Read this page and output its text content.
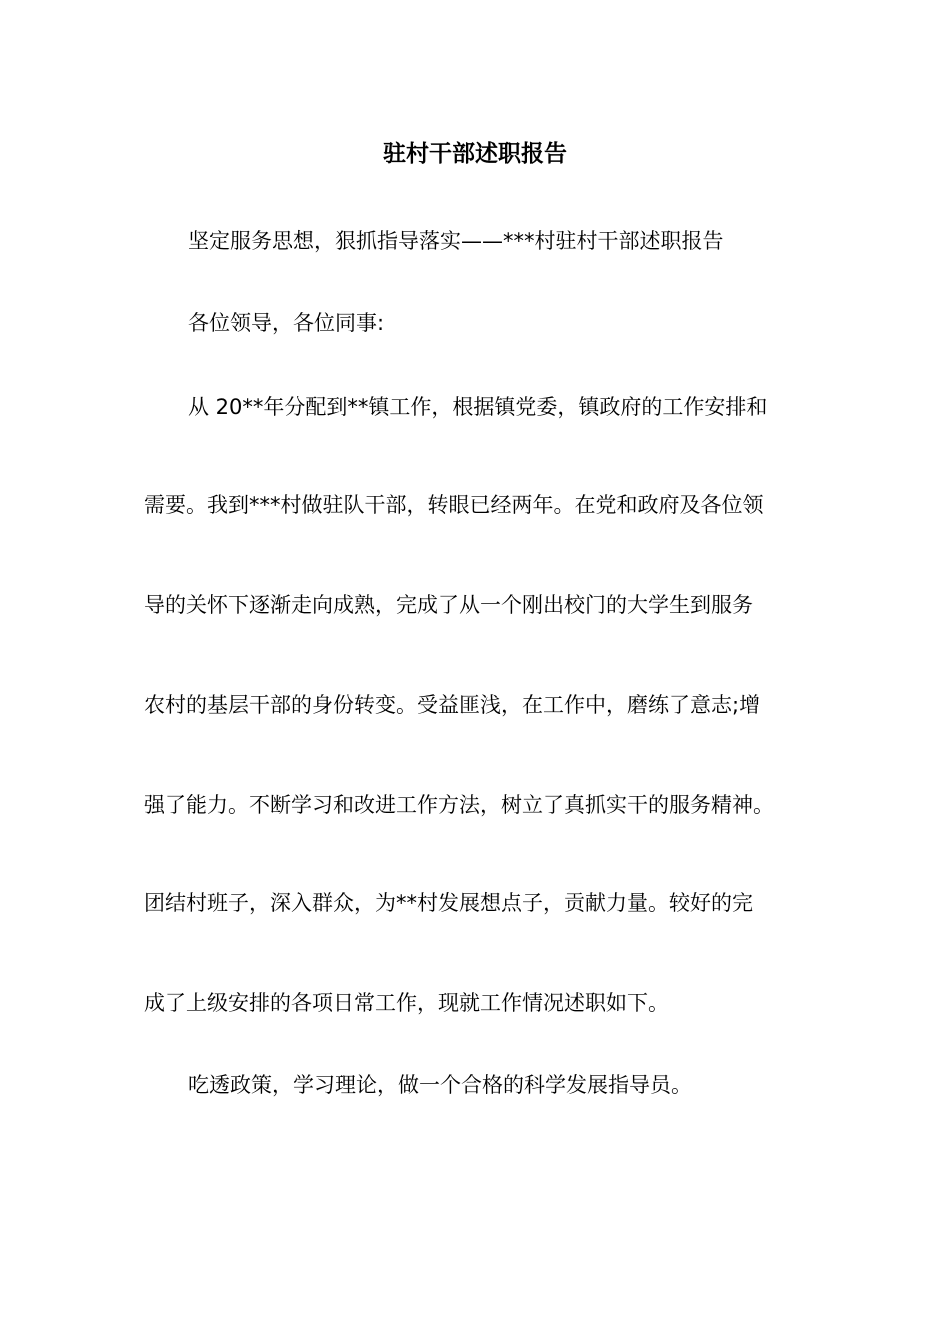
驻村干部述职报告
坚定服务思想，狠抓指导落实——***村驻村干部述职报告
各位领导，各位同事:
从 20**年分配到**镇工作，根据镇党委，镇政府的工作安排和
需要。我到***村做驻队干部，转眼已经两年。在党和政府及各位领
导的关怀下逐渐走向成熟，完成了从一个刚出校门的大学生到服务
农村的基层干部的身份转变。受益匪浅，在工作中，磨练了意志;增
强了能力。不断学习和改进工作方法，树立了真抓实干的服务精神。
团结村班子，深入群众，为**村发展想点子，贡献力量。较好的完
成了上级安排的各项日常工作，现就工作情况述职如下。
吃透政策，学习理论，做一个合格的科学发展指导员。
